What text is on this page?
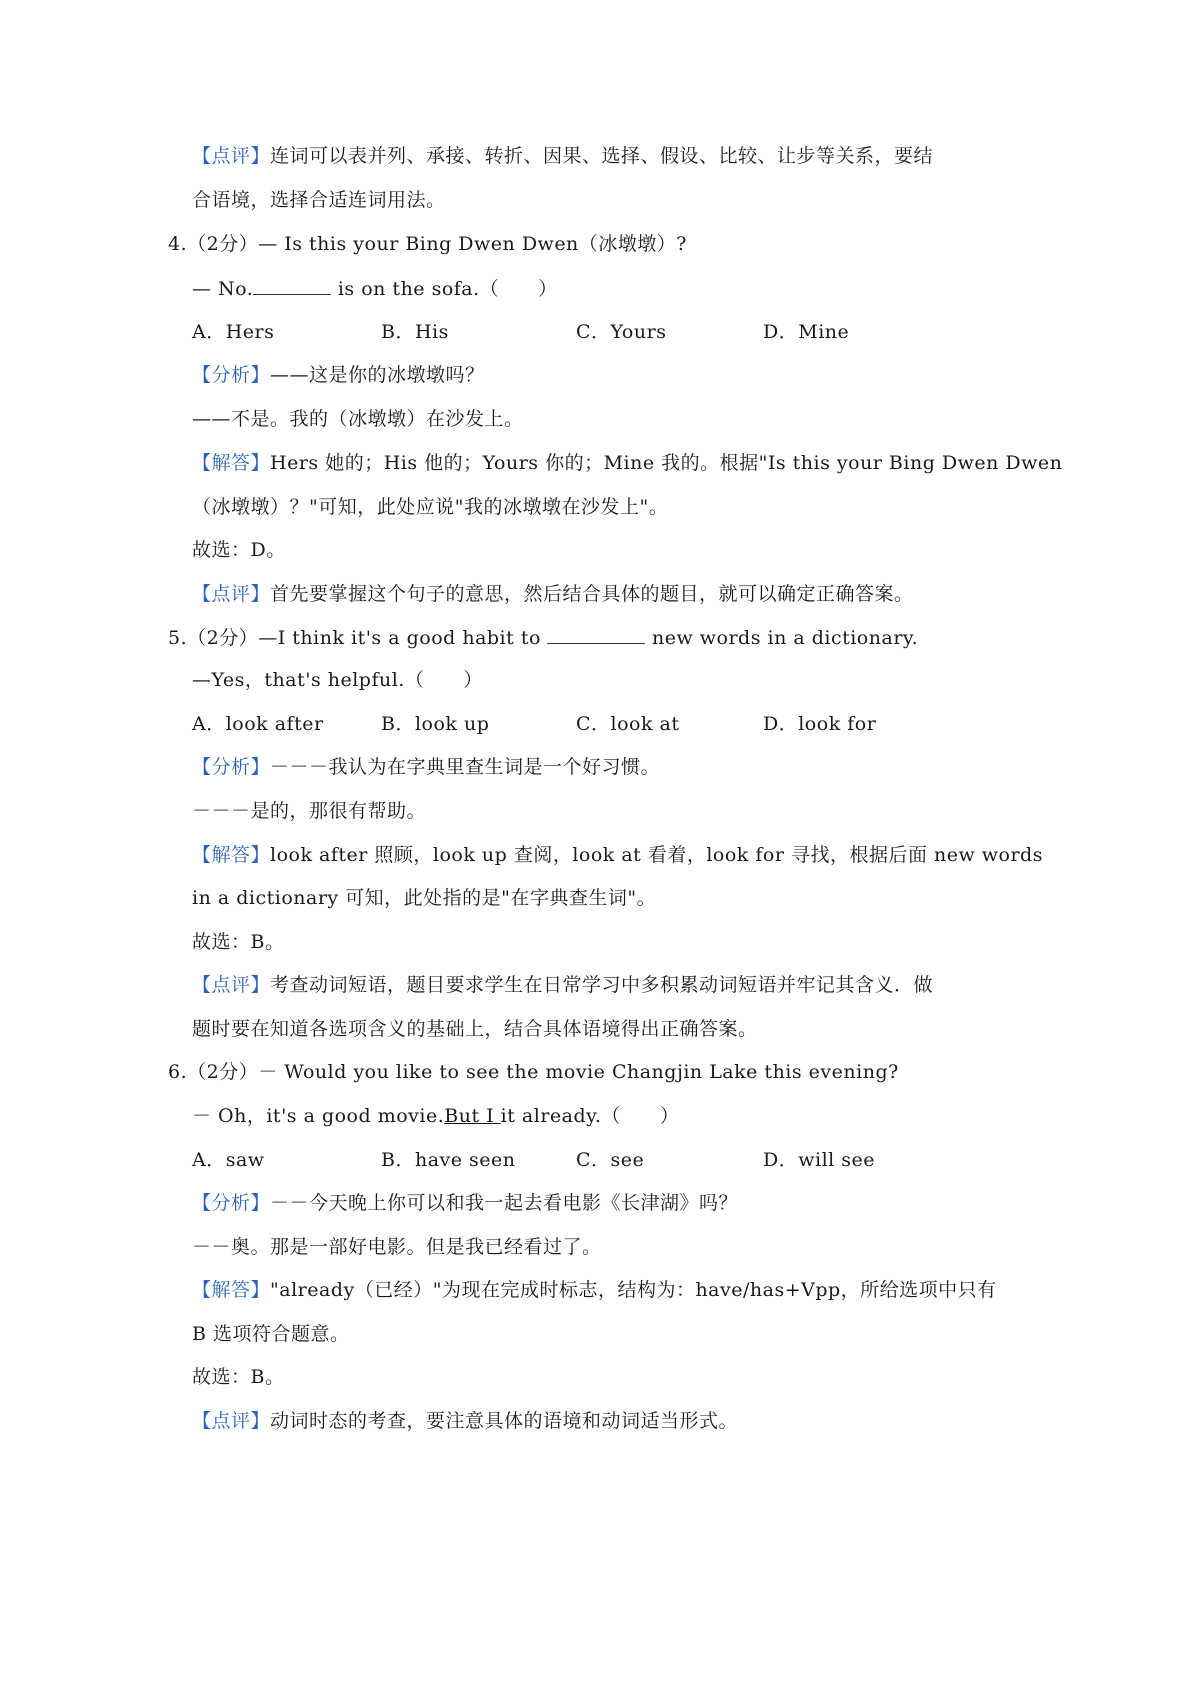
【点评】连词可以表并列、承接、转折、因果、选择、假设、比较、让步等关系，要结
合语境，选择合适连词用法。
4.（2分）— Is this your Bing Dwen Dwen（冰墩墩）?
— No.	is on the sofa.（　　）
A．Hers	B．His	C．Yours	D．Mine
【分析】——这是你的冰墩墩吗？
——不是。我的（冰墩墩）在沙发上。
【解答】Hers 她的；His 他的；Yours 你的；Mine 我的。根据"Is this your Bing Dwen Dwen
（冰墩墩）？"可知，此处应说"我的冰墩墩在沙发上"。
故选：D。
【点评】首先要掌握这个句子的意思，然后结合具体的题目，就可以确定正确答案。
5.（2分）—I think it's a good habit to	new words in a dictionary.
—Yes，that's helpful.（　　）
A．look after	B．look up	C．look at	D．look for
【分析】－－－我认为在字典里查生词是一个好习惯。
－－－是的，那很有帮助。
【解答】look after 照顾，look up 查阅，look at 看着，look for 寻找，根据后面 new words
in a dictionary 可知，此处指的是"在字典查生词"。
故选：B。
【点评】考查动词短语，题目要求学生在日常学习中多积累动词短语并牢记其含义．做
题时要在知道各选项含义的基础上，结合具体语境得出正确答案。
6.（2分）－ Would you like to see the movie Changjin Lake this evening?
－ Oh，it's a good movie.But I it already.（　　）
A．saw	B．have seen	C．see	D．will see
【分析】－－今天晚上你可以和我一起去看电影《长津湖》吗？
－－奥。那是一部好电影。但是我已经看过了。
【解答】"already（已经）"为现在完成时标志，结构为：have/has+Vpp，所给选项中只有
B 选项符合题意。
故选：B。
【点评】动词时态的考查，要注意具体的语境和动词适当形式。
